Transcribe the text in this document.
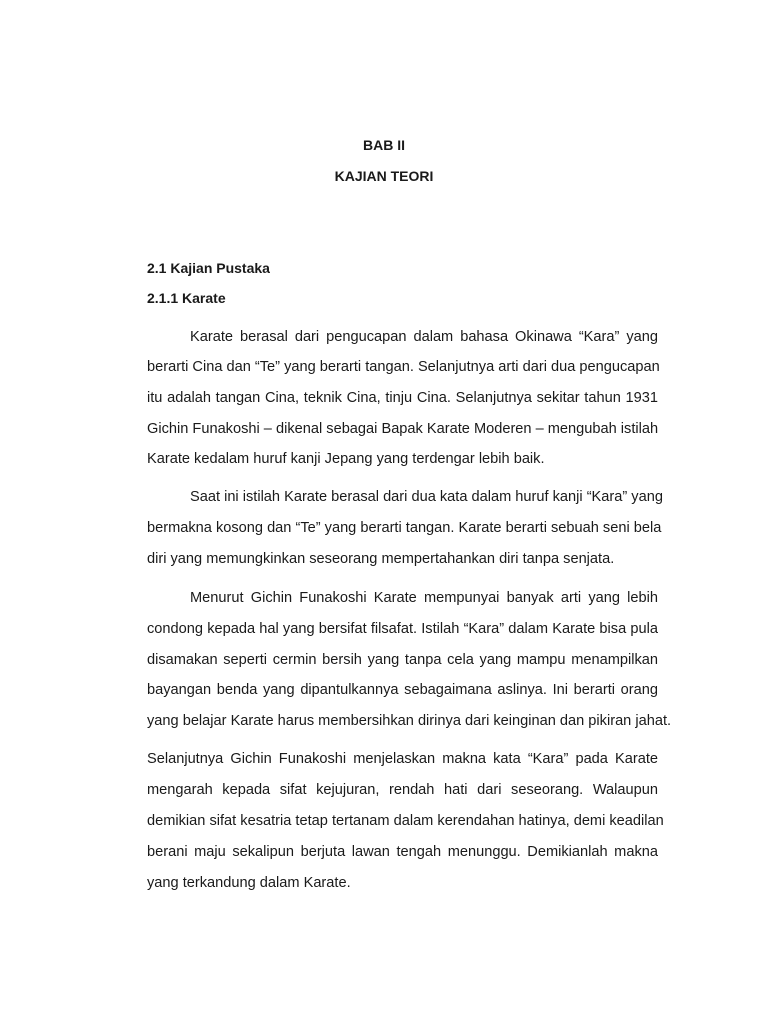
BAB II
KAJIAN TEORI
2.1 Kajian Pustaka
2.1.1 Karate
Karate berasal dari pengucapan dalam bahasa Okinawa “Kara” yang
berarti Cina dan “Te” yang berarti tangan. Selanjutnya arti dari dua pengucapan
itu adalah tangan Cina, teknik Cina, tinju Cina. Selanjutnya sekitar tahun 1931
Gichin Funakoshi – dikenal sebagai Bapak Karate Moderen – mengubah istilah
Karate kedalam huruf kanji Jepang yang terdengar lebih baik.
Saat ini istilah Karate berasal dari dua kata dalam huruf kanji “Kara” yang
bermakna kosong dan “Te” yang berarti tangan. Karate berarti sebuah seni bela
diri yang memungkinkan seseorang mempertahankan diri tanpa senjata.
Menurut Gichin Funakoshi Karate mempunyai banyak arti yang lebih
condong kepada hal yang bersifat filsafat. Istilah “Kara” dalam Karate bisa pula
disamakan seperti cermin bersih yang tanpa cela yang mampu menampilkan
bayangan benda yang dipantulkannya sebagaimana aslinya. Ini berarti orang
yang belajar Karate harus membersihkan dirinya dari keinginan dan pikiran jahat.
Selanjutnya Gichin Funakoshi menjelaskan makna kata “Kara” pada Karate
mengarah kepada sifat kejujuran, rendah hati dari seseorang. Walaupun
demikian sifat kesatria tetap tertanam dalam kerendahan hatinya, demi keadilan
berani maju sekalipun berjuta lawan tengah menunggu. Demikianlah makna
yang terkandung dalam Karate.
